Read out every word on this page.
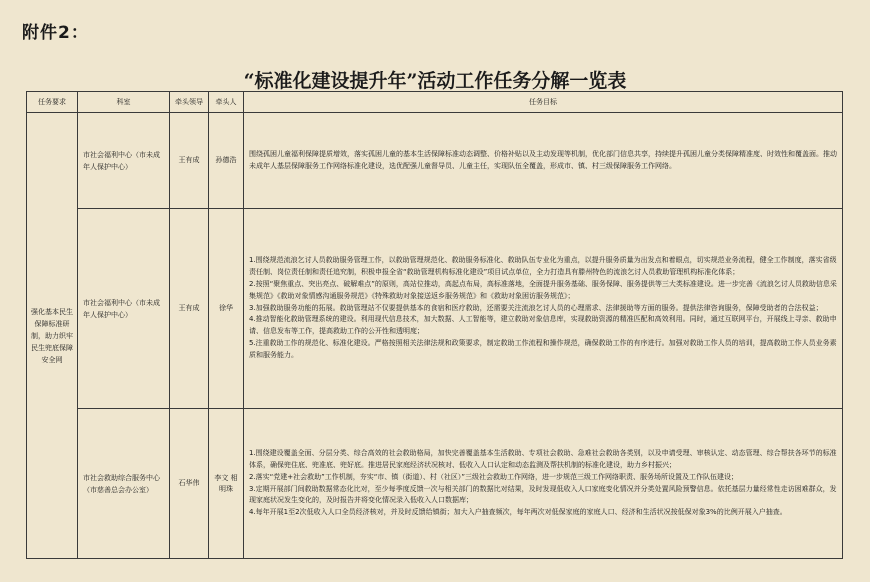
附件2：
“标准化建设提升年”活动工作任务分解一览表
任务要求	科室	牵头领导	牵头人	任务目标
强化基本民生保障标准研制，助力织牢民生兜底保障安全网	市社会福利中心（市未成年人保护中心）	王有成	孙德浩	围绕孤困儿童福利保障提质增效，落实孤困儿童的基本生活保障标准动态调整、价格补贴以及主动发现等机制，优化部门信息共享，持续提升孤困儿童分类保障精准度、时效性和覆盖面。推动未成年人基层保障服务工作网络标准化建设，选优配强儿童督导员、儿童主任，实现队伍全覆盖，形成市、镇、村三级保障服务工作网络。
	市社会福利中心（市未成年人保护中心）	王有成	徐华	1.围绕规范流浪乞讨人员救助服务管理工作，以救助管理规范化、救助服务标准化、救助队伍专业化为重点，以提升服务质量为出发点和着眼点，切实规范业务流程，健全工作制度，落实省级责任制、岗位责任制和责任追究制，积极申报全省“救助管理机构标准化建设”项目试点单位，全力打造具有滕州特色的流浪乞讨人员救助管理机构标准化体系；
2.按照“聚焦重点、突出亮点、破解难点”的原则，高站位推动，高起点布局，高标准落地，全面提升服务基础、服务保障、服务提供等三大类标准建设。进一步完善《流浪乞讨人员救助信息采集规范》《救助对象情感沟通服务规范》《特殊救助对象接送返乡服务规范》和《救助对象困访服务规范》；
3.加强救助服务功能的拓展。救助管理站不仅要提供基本的食宿和医疗救助，还需要关注流浪乞讨人员的心理需求、法律援助等方面的服务。提供法律咨询服务，保障受助者的合法权益；
4.推动智能化救助管理系统的建设。利用现代信息技术，加大数据、人工智能等，建立救助对象信息库，实现救助资源的精准匹配和高效利用。同时，通过互联网平台，开展线上寻亲、救助申请、信息发布等工作，提高救助工作的公开性和透明度；
5.注重救助工作的规范化、标准化建设。严格按照相关法律法规和政策要求，制定救助工作流程和操作规范，确保救助工作的有序进行。加强对救助工作人员的培训，提高救助工作人员业务素质和服务能力。

	市社会救助综合服务中心（市慈善总会办公室）	石华伟	李文 相明珠	1.围绕建设覆盖全面、分层分类、综合高效的社会救助格局，加快完善覆盖基本生活救助、专项社会救助、急难社会救助各类别，以及申请受理、审核认定、动态管理、综合帮扶各环节的标准体系，确保兜住底、兜准底、兜好底。推进居民家庭经济状况核对、低收入人口认定和动态监测及帮扶机制的标准化建设，助力乡村振兴；
2.落实“党建+社会救助”工作机制，夯实“市、镇（街道）、村（社区）”三级社会救助工作网络，进一步规范三级工作网络职责、服务场所设置及工作队伍建设；
3.定期开展部门间救助数据常态化比对，至少每季度反馈一次与相关部门的数据比对结果，及时发现低收入人口家庭变化情况并分类处置风险预警信息。依托基层力量经常性走访困难群众，发现家庭状况发生变化的，及时报告并将变化情况录入低收入人口数据库；
4.每年开展1至2次低收入人口全员经济核对，并及时反馈给镇街；加大入户抽查频次，每年两次对低保家庭的家庭人口、经济和生活状况按低保对象3%的比例开展入户抽查。
